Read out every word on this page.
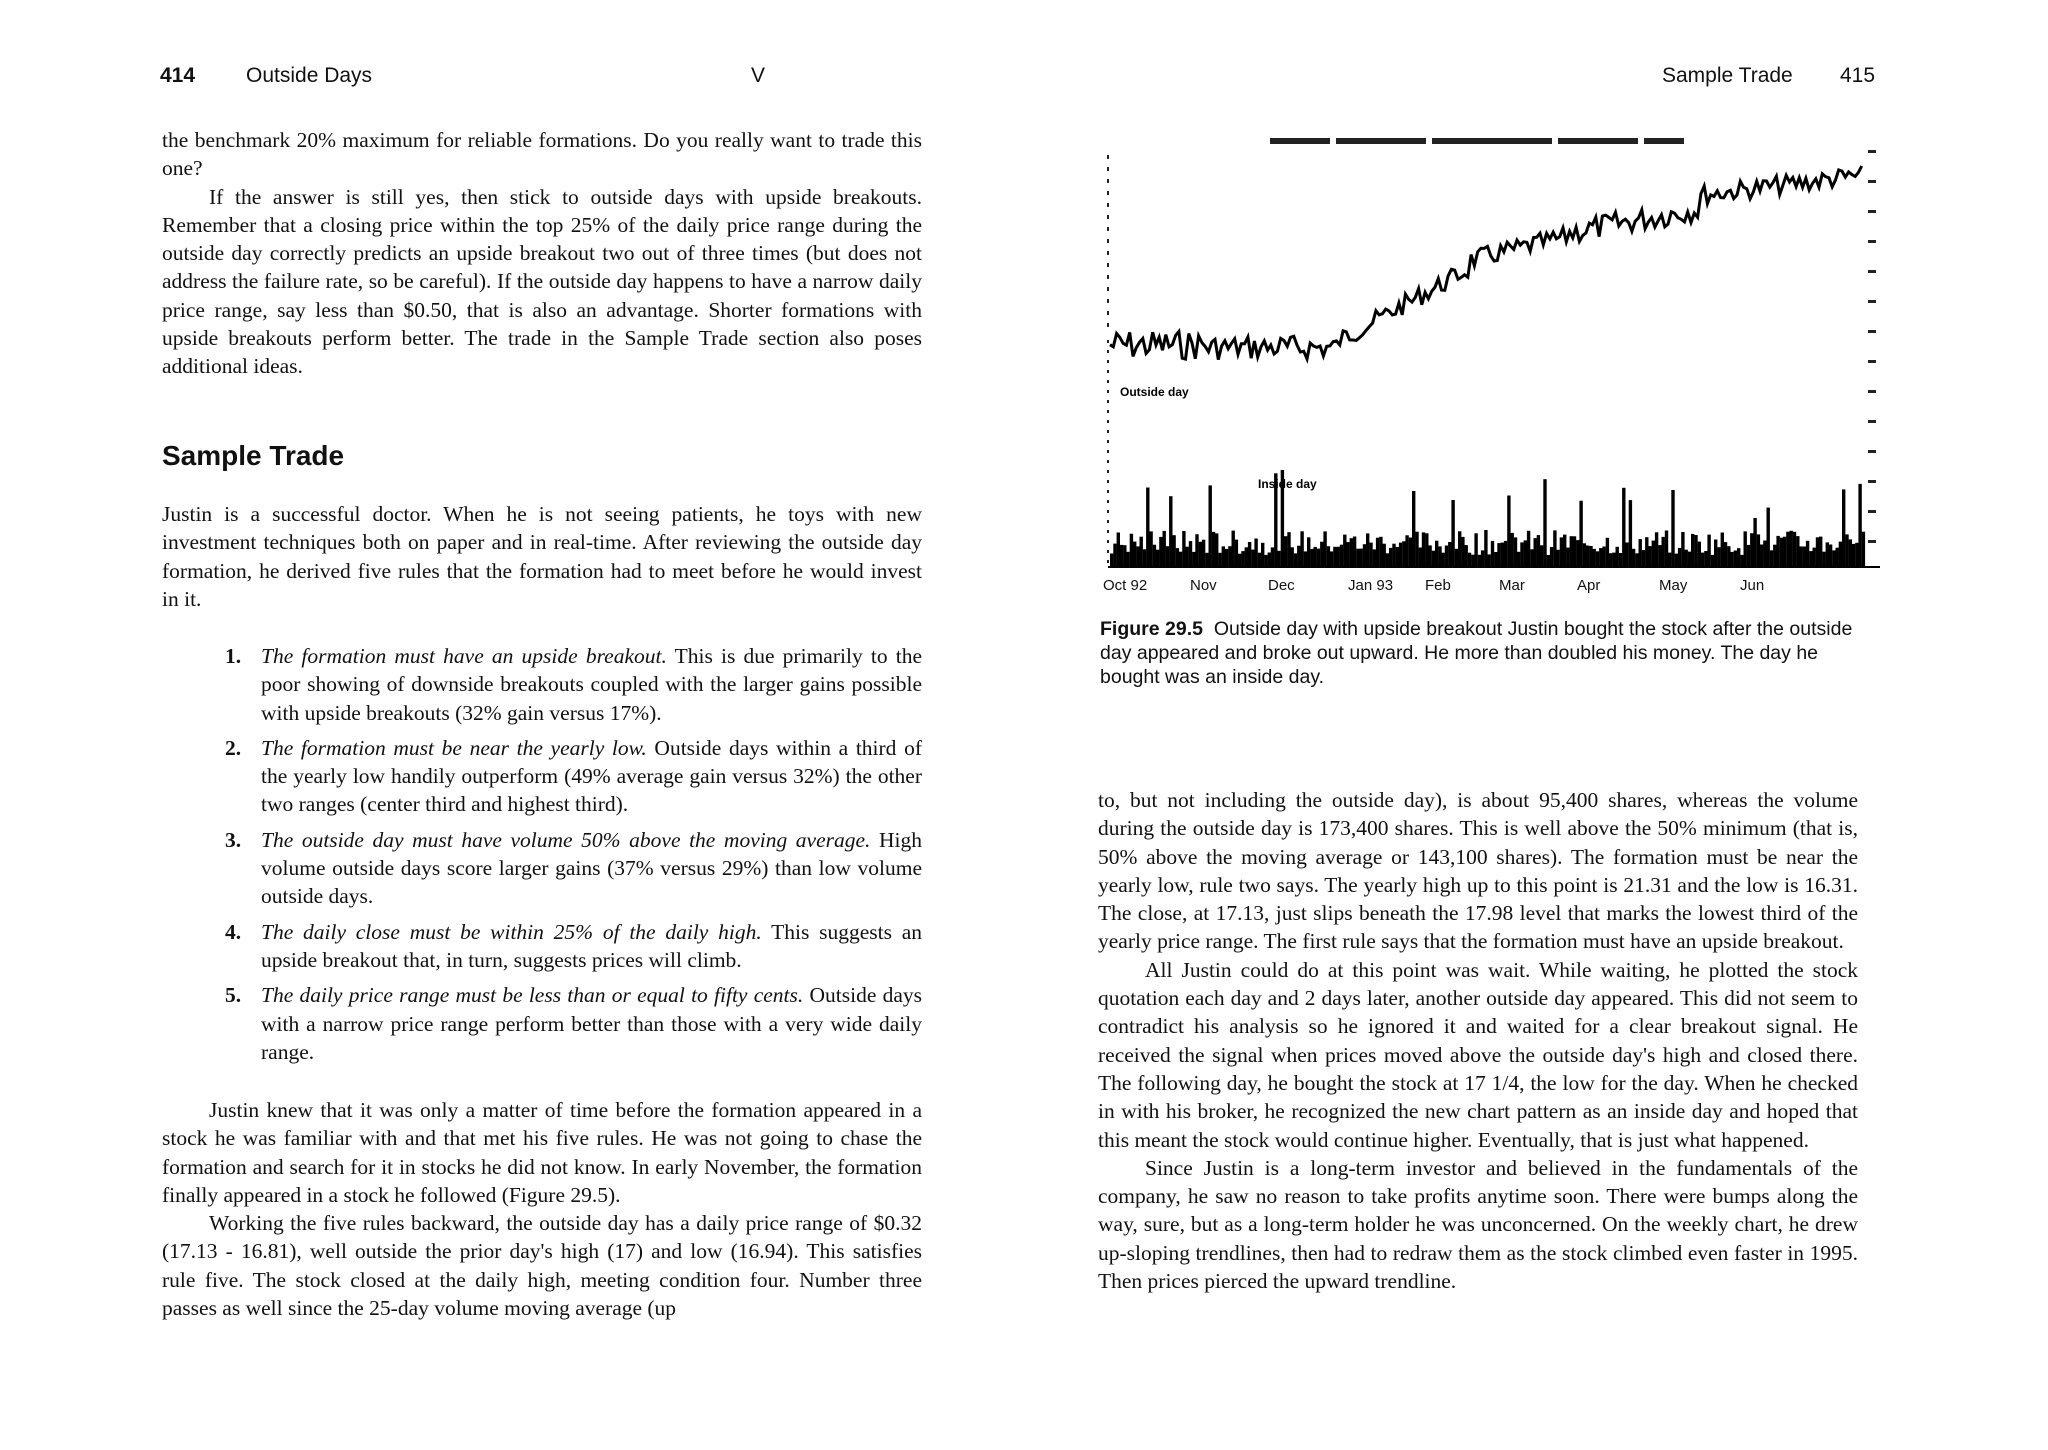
414 Outside Days	V

the benchmark 20% maximum for reliable formations. Do you really want to trade this one?

If the answer is still yes, then stick to outside days with upside breakouts. Remember that a closing price within the top 25% of the daily price range during the outside day correctly predicts an upside breakout two out of three times (but does not address the failure rate, so be careful). If the outside day happens to have a narrow daily price range, say less than $0.50, that is also an advantage. Shorter formations with upside breakouts perform better. The trade in the Sample Trade section also poses additional ideas.

Sample Trade

Justin is a successful doctor. When he is not seeing patients, he toys with new investment techniques both on paper and in real-time. After reviewing the outside day formation, he derived five rules that the formation had to meet before he would invest in it.

1. The formation must have an upside breakout. This is due primarily to the poor showing of downside breakouts coupled with the larger gains possible with upside breakouts (32% gain versus 17%).
2. The formation must be near the yearly low. Outside days within a third of the yearly low handily outperform (49% average gain versus 32%) the other two ranges (center third and highest third).
3. The outside day must have volume 50% above the moving average. High volume outside days score larger gains (37% versus 29%) than low volume outside days.
4. The daily close must be within 25% of the daily high. This suggests an upside breakout that, in turn, suggests prices will climb.
5. The daily price range must be less than or equal to fifty cents. Outside days with a narrow price range perform better than those with a very wide daily range.

Justin knew that it was only a matter of time before the formation appeared in a stock he was familiar with and that met his five rules. He was not going to chase the formation and search for it in stocks he did not know. In early November, the formation finally appeared in a stock he followed (Figure 29.5).

Working the five rules backward, the outside day has a daily price range of $0.32 (17.13 - 16.81), well outside the prior day's high (17) and low (16.94). This satisfies rule five. The stock closed at the daily high, meeting condition four. Number three passes as well since the 25-day volume moving average (up

Sample Trade 415
Outside day
Inside day
Oct 92	Nov	Dec	Jan 93 Feb	Mar	Apr	May	Jun
Figure 29.5 Outside day with upside breakout Justin bought the stock after the outside day appeared and broke out upward. He more than doubled his money. The day he bought was an inside day.

to, but not including the outside day), is about 95,400 shares, whereas the volume during the outside day is 173,400 shares. This is well above the 50% minimum (that is, 50% above the moving average or 143,100 shares). The formation must be near the yearly low, rule two says. The yearly high up to this point is 21.31 and the low is 16.31. The close, at 17.13, just slips beneath the 17.98 level that marks the lowest third of the yearly price range. The first rule says that the formation must have an upside breakout.

All Justin could do at this point was wait. While waiting, he plotted the stock quotation each day and 2 days later, another outside day appeared. This did not seem to contradict his analysis so he ignored it and waited for a clear breakout signal. He received the signal when prices moved above the outside day's high and closed there. The following day, he bought the stock at 17 1/4, the low for the day. When he checked in with his broker, he recognized the new chart pattern as an inside day and hoped that this meant the stock would continue higher. Eventually, that is just what happened.

Since Justin is a long-term investor and believed in the fundamentals of the company, he saw no reason to take profits anytime soon. There were bumps along the way, sure, but as a long-term holder he was unconcerned. On the weekly chart, he drew up-sloping trendlines, then had to redraw them as the stock climbed even faster in 1995. Then prices pierced the upward trendline.
